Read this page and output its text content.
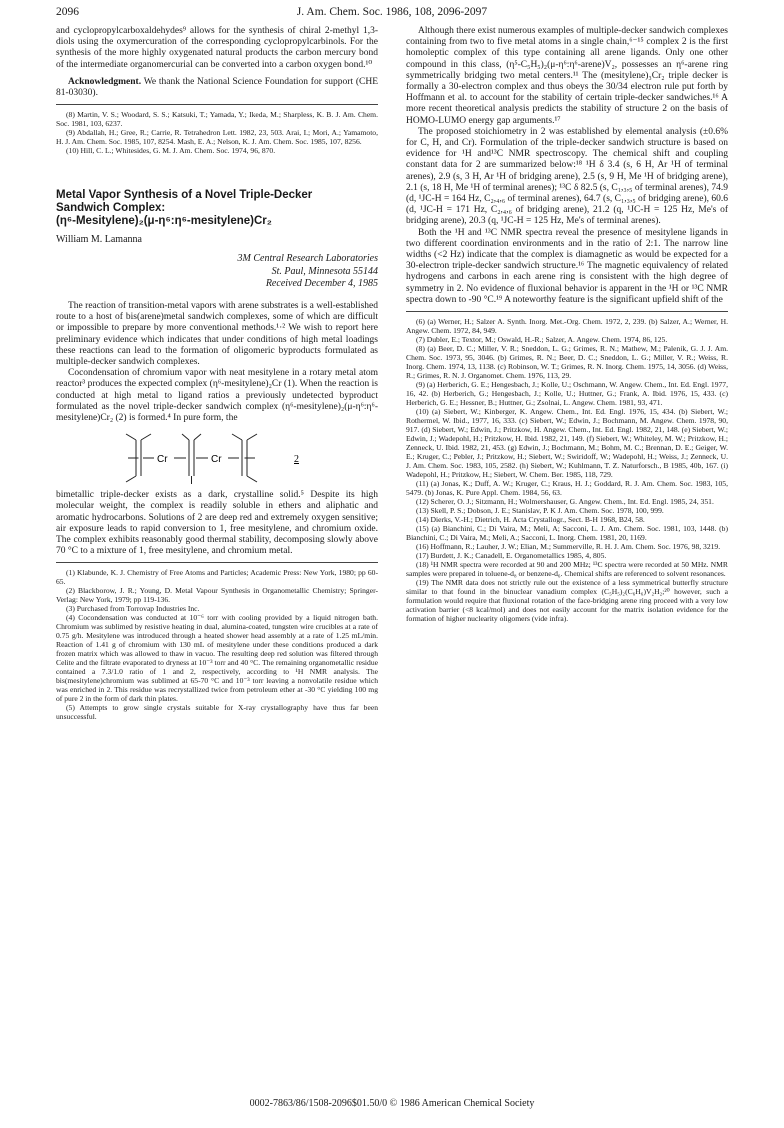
2096	J. Am. Chem. Soc. 1986, 108, 2096-2097

and cyclopropylcarboxaldehydes⁹ allows for the synthesis of chiral 2-methyl 1,3-diols using the oxymercuration of the corresponding cyclopropylcarbinols. For the synthesis of the more highly oxygenated natural products the carbon mercury bond of the intermediate organomercurial can be converted into a carbon oxygen bond.¹⁰

Acknowledgment. We thank the National Science Foundation for support (CHE 81-03030).

(8) Martin, V. S.; Woodard, S. S.; Katsuki, T.; Yamada, Y.; Ikeda, M.; Sharpless, K. B. J. Am. Chem. Soc. 1981, 103, 6237.

(9) Abdallah, H.; Gree, R.; Carrie, R. Tetrahedron Lett. 1982, 23, 503. Arai, I.; Mori, A.; Yamamoto, H. J. Am. Chem. Soc. 1985, 107, 8254. Mash, E. A.; Nelson, K. J. Am. Chem. Soc. 1985, 107, 8256.

(10) Hill, C. L.; Whitesides, G. M. J. Am. Chem. Soc. 1974, 96, 870.

Metal Vapor Synthesis of a Novel Triple-Decker
Sandwich Complex:
(η⁶-Mesitylene)₂(μ-η⁶:η⁶-mesitylene)Cr₂
William M. Lamanna
3M Central Research Laboratories
St. Paul, Minnesota 55144
Received December 4, 1985

The reaction of transition-metal vapors with arene substrates is a well-established route to a host of bis(arene)metal sandwich complexes, some of which are difficult or impossible to prepare by more conventional methods.¹·² We wish to report here preliminary evidence which indicates that under conditions of high metal loadings these reactions can lead to the formation of oligomeric byproducts formulated as multiple-decker sandwich complexes.

Cocondensation of chromium vapor with neat mesitylene in a rotary metal atom reactor³ produces the expected complex (η⁶-mesitylene)₂Cr (1). When the reaction is conducted at high metal to ligand ratios a previously undetected byproduct formulated as the novel triple-decker sandwich complex (η⁶-mesitylene)₂(μ-η⁶:η⁶-mesitylene)Cr₂ (2) is formed.⁴ In pure form, the

Cr	Cr	2

bimetallic triple-decker exists as a dark, crystalline solid.⁵ Despite its high molecular weight, the complex is readily soluble in ethers and aliphatic and aromatic hydrocarbons. Solutions of 2 are deep red and extremely oxygen sensitive; air exposure leads to rapid conversion to 1, free mesitylene, and chromium oxide. The complex exhibits reasonably good thermal stability, decomposing slowly above 70 °C to a mixture of 1, free mesitylene, and chromium metal.

(1) Klabunde, K. J. Chemistry of Free Atoms and Particles; Academic Press: New York, 1980; pp 60-65.

(2) Blackborow, J. R.; Young, D. Metal Vapour Synthesis in Organometallic Chemistry; Springer-Verlag: New York, 1979; pp 119-136.

(3) Purchased from Torrovap Industries Inc.

(4) Cocondensation was conducted at 10⁻⁶ torr with cooling provided by a liquid nitrogen bath. Chromium was sublimed by resistive heating in dual, alumina-coated, tungsten wire crucibles at a rate of 0.75 g/h. Mesitylene was introduced through a heated shower head assembly at a rate of 1.25 mL/min. Reaction of 1.41 g of chromium with 130 mL of mesitylene under these conditions produced a dark frozen matrix which was allowed to thaw in vacuo. The resulting deep red solution was filtered through Celite and the filtrate evaporated to dryness at 10⁻³ torr and 40 °C. The remaining organometallic residue contained a 7.3/1.0 ratio of 1 and 2, respectively, according to ¹H NMR analysis. The bis(mesitylene)chromium was sublimed at 65-70 °C and 10⁻³ torr leaving a nonvolatile residue which was enriched in 2. This residue was recrystallized twice from petroleum ether at -30 °C yielding 100 mg of pure 2 in the form of dark thin plates.

(5) Attempts to grow single crystals suitable for X-ray crystallography have thus far been unsuccessful.

Although there exist numerous examples of multiple-decker sandwich complexes containing from two to five metal atoms in a single chain,⁶⁻¹⁵ complex 2 is the first homoleptic complex of this type containing all arene ligands. Only one other compound in this class, (η⁵-C₅H₅)₂(μ-η⁶:η⁶-arene)V₂, possesses an η⁶-arene ring symmetrically bridging two metal centers.¹¹ The (mesitylene)₃Cr₂ triple decker is formally a 30-electron complex and thus obeys the 30/34 electron rule put forth by Hoffmann et al. to account for the stability of certain triple-decker sandwiches.¹⁶ A more recent theoretical analysis predicts the stability of structure 2 on the basis of HOMO-LUMO energy gap arguments.¹⁷

The proposed stoichiometry in 2 was established by elemental analysis (±0.6% for C, H, and Cr). Formulation of the triple-decker sandwich structure is based on evidence for ¹H and¹³C NMR spectroscopy. The chemical shift and coupling constant data for 2 are summarized below:¹⁸ ¹H δ 3.4 (s, 6 H, Ar ¹H of terminal arenes), 2.9 (s, 3 H, Ar ¹H of bridging arene), 2.5 (s, 9 H, Me ¹H of bridging arene), 2.1 (s, 18 H, Me ¹H of terminal arenes); ¹³C δ 82.5 (s, C₁,₃,₅ of terminal arenes), 74.9 (d, ¹JC-H = 164 Hz, C₂,₄,₆ of terminal arenes), 64.7 (s, C₁,₃,₅ of bridging arene), 60.6 (d, ¹JC-H = 171 Hz, C₂,₄,₆ of bridging arene), 21.2 (q, ¹JC-H = 125 Hz, Me's of bridging arene), 20.3 (q, ¹JC-H = 125 Hz, Me's of terminal arenes).

Both the ¹H and ¹³C NMR spectra reveal the presence of mesitylene ligands in two different coordination environments and in the ratio of 2:1. The narrow line widths (<2 Hz) indicate that the complex is diamagnetic as would be expected for a 30-electron triple-decker sandwich structure.¹⁶ The magnetic equivalency of related hydrogens and carbons in each arene ring is consistent with the high degree of symmetry in 2. No evidence of fluxional behavior is apparent in the ¹H or ¹³C NMR spectra down to -90 °C.¹⁹ A noteworthy feature is the significant upfield shift of the

(6) (a) Werner, H.; Salzer A. Synth. Inorg. Met.-Org. Chem. 1972, 2, 239. (b) Salzer, A.; Werner, H. Angew. Chem. 1972, 84, 949.

(7) Dubler, E.; Textor, M.; Oswald, H.-R.; Salzer, A. Angew. Chem. 1974, 86, 125.

(8) (a) Beer, D. C.; Miller, V. R.; Sneddon, L. G.; Grimes, R. N.; Mathew, M.; Palenik, G. J. J. Am. Chem. Soc. 1973, 95, 3046. (b) Grimes, R. N.; Beer, D. C.; Sneddon, L. G.; Miller, V. R.; Weiss, R. Inorg. Chem. 1974, 13, 1138. (c) Robinson, W. T.; Grimes, R. N. Inorg. Chem. 1975, 14, 3056. (d) Weiss, R.; Grimes, R. N. J. Organomet. Chem. 1976, 113, 29.

(9) (a) Herberich, G. E.; Hengesbach, J.; Kolle, U.; Oschmann, W. Angew. Chem., Int. Ed. Engl. 1977, 16, 42. (b) Herberich, G.; Hengesbach, J.; Kolle, U.; Huttner, G.; Frank, A. Ibid. 1976, 15, 433. (c) Herberich, G. E.; Hessner, B.; Huttner, G.; Zsolnai, L. Angew. Chem. 1981, 93, 471.

(10) (a) Siebert, W.; Kinberger, K. Angew. Chem., Int. Ed. Engl. 1976, 15, 434. (b) Siebert, W.; Rothermel, W. Ibid., 1977, 16, 333. (c) Siebert, W.; Edwin, J.; Bochmann, M. Angew. Chem. 1978, 90, 917. (d) Siebert, W.; Edwin, J.; Pritzkow, H. Angew. Chem., Int. Ed. Engl. 1982, 21, 148. (e) Siebert, W.; Edwin, J.; Wadepohl, H.; Pritzkow, H. Ibid. 1982, 21, 149. (f) Siebert, W.; Whiteley, M. W.; Pritzkow, H.; Zenneck, U. Ibid. 1982, 21, 453. (g) Edwin, J.; Bochmann, M.; Bohm, M. C.; Brennan, D. E.; Geiger, W. E.; Kruger, C.; Pebler, J.; Pritzkow, H.; Siebert, W.; Swiridoff, W.; Wadepohl, H.; Weiss, J.; Zenneck, U. J. Am. Chem. Soc. 1983, 105, 2582. (h) Siebert, W.; Kuhlmann, T. Z. Naturforsch., B 1985, 40b, 167. (i) Wadepohl, H.; Pritzkow, H.; Siebert, W. Chem. Ber. 1985, 118, 729.

(11) (a) Jonas, K.; Duff, A. W.; Kruger, C.; Kraus, H. J.; Goddard, R. J. Am. Chem. Soc. 1983, 105, 5479. (b) Jonas, K. Pure Appl. Chem. 1984, 56, 63.

(12) Scherer, O. J.; Sitzmann, H.; Wolmershauser, G. Angew. Chem., Int. Ed. Engl. 1985, 24, 351.

(13) Skell, P. S.; Dobson, J. E.; Stanislav, P. K J. Am. Chem. Soc. 1978, 100, 999.

(14) Dierks, V.-H.; Dietrich, H. Acta Crystallogr., Sect. B-H 1968, B24, 58.

(15) (a) Bianchini, C.; Di Vaira, M.; Meli, A; Sacconi, L. J. Am. Chem. Soc. 1981, 103, 1448. (b) Bianchini, C.; Di Vaira, M.; Meli, A.; Sacconi, L. Inorg. Chem. 1981, 20, 1169.

(16) Hoffmann, R.; Lauher, J. W.; Elian, M.; Summerville, R. H. J. Am. Chem. Soc. 1976, 98, 3219.

(17) Burdett, J. K.; Canadell, E. Organometallics 1985, 4, 805.

(18) ¹H NMR spectra were recorded at 90 and 200 MHz; ¹³C spectra were recorded at 50 MHz. NMR samples were prepared in toluene-d₈ or benzene-d₆. Chemical shifts are referenced to solvent resonances.

(19) The NMR data does not strictly rule out the existence of a less symmetrical butterfly structure similar to that found in the binuclear vanadium complex (C₅H₅)₂(C₆H₆)V₂H₂;²⁰ however, such a formulation would require that fluxional rotation of the face-bridging arene ring proceed with a very low activation barrier (<8 kcal/mol) and does not easily account for the matrix isolation evidence for the formation of higher nuclearity oligomers (vide infra).

0002-7863/86/1508-2096$01.50/0 © 1986 American Chemical Society
